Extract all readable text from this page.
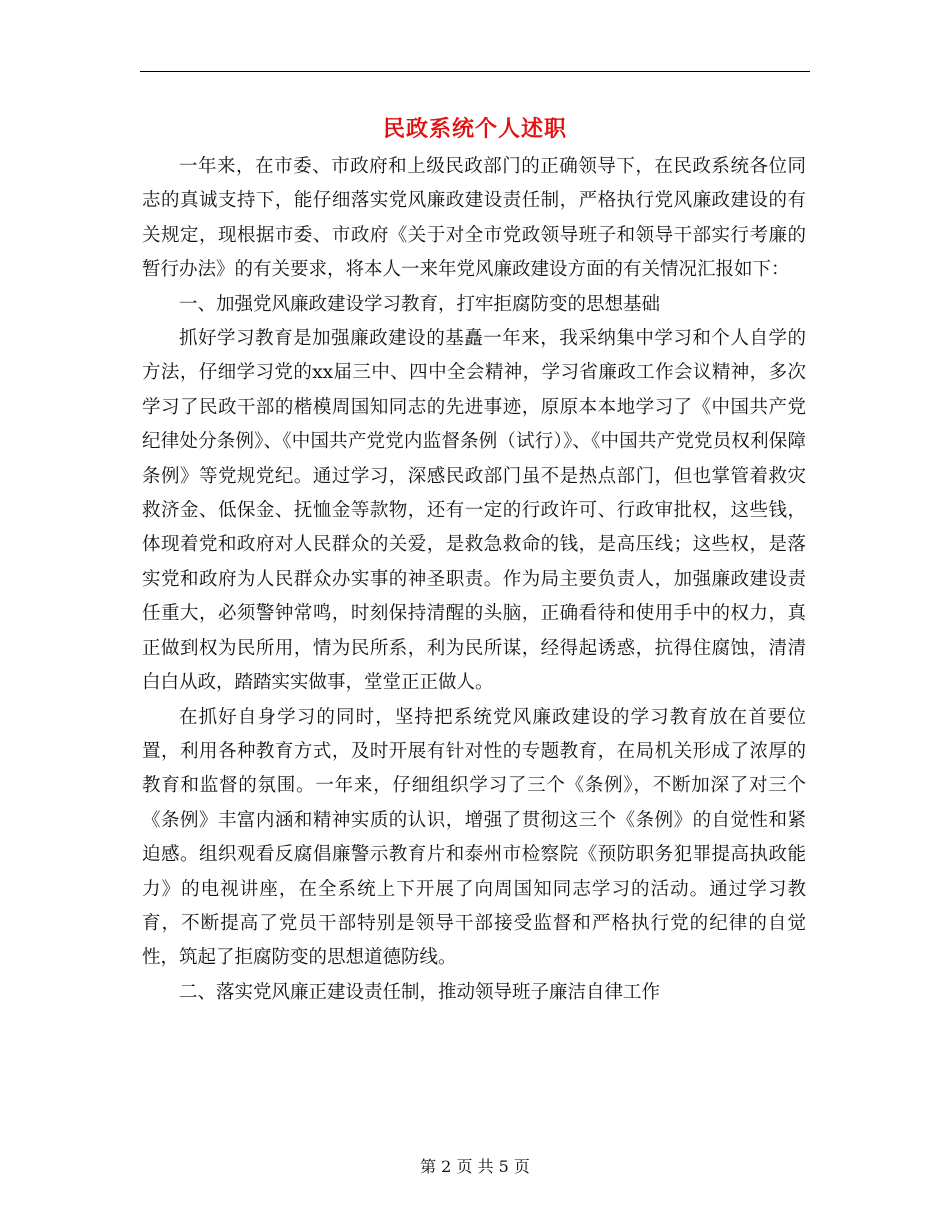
民政系统个人述职

一年来，在市委、市政府和上级民政部门的正确领导下，在民政系统各位同志的真诚支持下，能仔细落实党风廉政建设责任制，严格执行党风廉政建设的有关规定，现根据市委、市政府《关于对全市党政领导班子和领导干部实行考廉的暂行办法》的有关要求，将本人一来年党风廉政建设方面的有关情况汇报如下：

一、加强党风廉政建设学习教育，打牢拒腐防变的思想基础

抓好学习教育是加强廉政建设的基矗一年来，我采纳集中学习和个人自学的方法，仔细学习党的xx届三中、四中全会精神，学习省廉政工作会议精神，多次学习了民政干部的楷模周国知同志的先进事迹，原原本本地学习了《中国共产党纪律处分条例》、《中国共产党党内监督条例（试行）》、《中国共产党党员权利保障条例》等党规党纪。通过学习，深感民政部门虽不是热点部门，但也掌管着救灾救济金、低保金、抚恤金等款物，还有一定的行政许可、行政审批权，这些钱，体现着党和政府对人民群众的关爱，是救急救命的钱，是高压线；这些权，是落实党和政府为人民群众办实事的神圣职责。作为局主要负责人，加强廉政建设责任重大，必须警钟常鸣，时刻保持清醒的头脑，正确看待和使用手中的权力，真正做到权为民所用，情为民所系，利为民所谋，经得起诱惑，抗得住腐蚀，清清白白从政，踏踏实实做事，堂堂正正做人。

在抓好自身学习的同时，坚持把系统党风廉政建设的学习教育放在首要位置，利用各种教育方式，及时开展有针对性的专题教育，在局机关形成了浓厚的教育和监督的氛围。一年来，仔细组织学习了三个《条例》，不断加深了对三个《条例》丰富内涵和精神实质的认识，增强了贯彻这三个《条例》的自觉性和紧迫感。组织观看反腐倡廉警示教育片和泰州市检察院《预防职务犯罪提高执政能力》的电视讲座，在全系统上下开展了向周国知同志学习的活动。通过学习教育，不断提高了党员干部特别是领导干部接受监督和严格执行党的纪律的自觉性，筑起了拒腐防变的思想道德防线。

二、落实党风廉正建设责任制，推动领导班子廉洁自律工作

第 2 页 共 5 页
